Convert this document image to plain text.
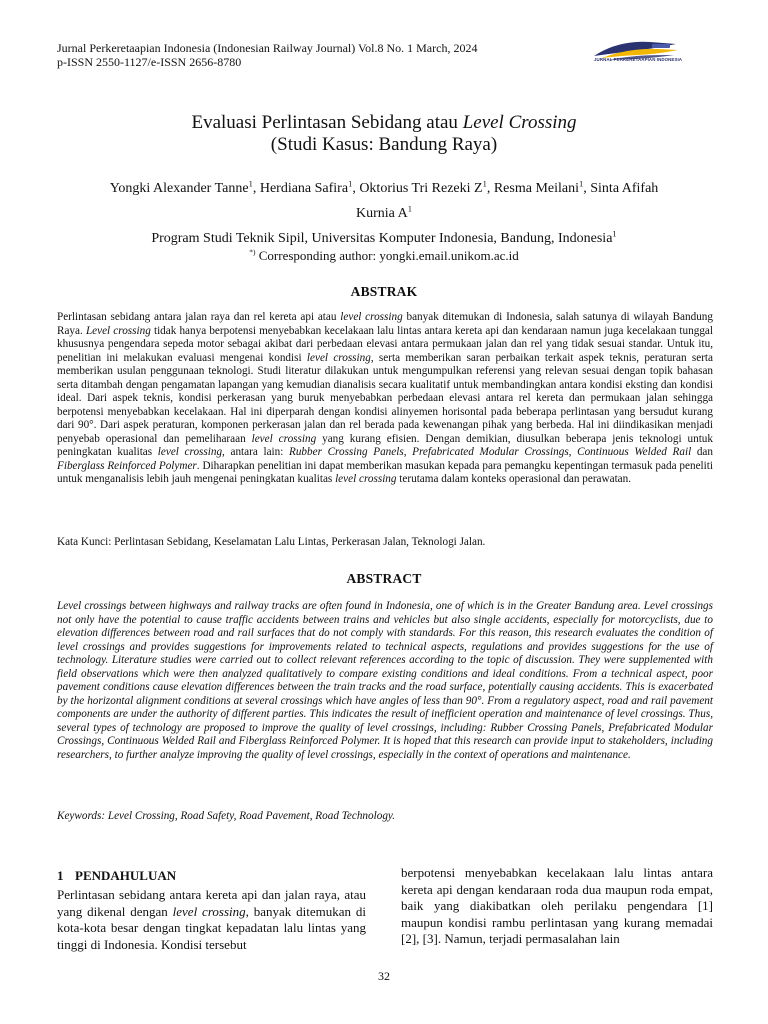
Jurnal Perkeretaapian Indonesia (Indonesian Railway Journal) Vol.8 No. 1 March, 2024
p-ISSN 2550-1127/e-ISSN 2656-8780	JURNAL PERKERETAAPIAN INDONESIA
Evaluasi Perlintasan Sebidang atau Level Crossing
(Studi Kasus: Bandung Raya)
Yongki Alexander Tanne$^1$, Herdiana Safira$^1$, Oktorius Tri Rezeki $Z^1$, Resma Meilani$^1$, Sinta Afifah
Kurnia $A^1$
Program Studi Teknik Sipil, Universitas Komputer Indonesia, Bandung, Indonesia$^1$
*) Corresponding author: yongki.email.unikom.ac.id
ABSTRAK

Perlintasan sebidang antara jalan raya dan rel kereta api atau level crossing banyak ditemukan di Indonesia, salah satunya di wilayah Bandung Raya. Level crossing tidak hanya berpotensi menyebabkan kecelakaan lalu lintas antara kereta api dan kendaraan namun juga kecelakaan tunggal khususnya pengendara sepeda motor sebagai akibat dari perbedaan elevasi antara permukaan jalan dan rel yang tidak sesuai standar. Untuk itu, penelitian ini melakukan evaluasi mengenai kondisi level crossing, serta memberikan saran perbaikan terkait aspek teknis, peraturan serta memberikan usulan penggunaan teknologi. Studi literatur dilakukan untuk mengumpulkan referensi yang relevan sesuai dengan topik bahasan serta ditambah dengan pengamatan lapangan yang kemudian dianalisis secara kualitatif untuk membandingkan antara kondisi eksting dan kondisi ideal. Dari aspek teknis, kondisi perkerasan yang buruk menyebabkan perbedaan elevasi antara rel kereta dan permukaan jalan sehingga berpotensi menyebabkan kecelakaan. Hal ini diperparah dengan kondisi alinyemen horisontal pada beberapa perlintasan yang bersudut kurang dari 90°. Dari aspek peraturan, komponen perkerasan jalan dan rel berada pada kewenangan pihak yang berbeda. Hal ini diindikasikan menjadi penyebab operasional dan pemeliharaan level crossing yang kurang efisien. Dengan demikian, diusulkan beberapa jenis teknologi untuk peningkatan kualitas level crossing, antara lain: Rubber Crossing Panels, Prefabricated Modular Crossings, Continuous Welded Rail dan Fiberglass Reinforced Polymer. Diharapkan penelitian ini dapat memberikan masukan kepada para pemangku kepentingan termasuk pada peneliti untuk menganalisis lebih jauh mengenai peningkatan kualitas level crossing terutama dalam konteks operasional dan perawatan.

Kata Kunci: Perlintasan Sebidang, Keselamatan Lalu Lintas, Perkerasan Jalan, Teknologi Jalan.
ABSTRACT

Level crossings between highways and railway tracks are often found in Indonesia, one of which is in the Greater Bandung area. Level crossings not only have the potential to cause traffic accidents between trains and vehicles but also single accidents, especially for motorcyclists, due to elevation differences between road and rail surfaces that do not comply with standards. For this reason, this research evaluates the condition of level crossings and provides suggestions for improvements related to technical aspects, regulations and provides suggestions for the use of technology. Literature studies were carried out to collect relevant references according to the topic of discussion. They were supplemented with field observations which were then analyzed qualitatively to compare existing conditions and ideal conditions. From a technical aspect, poor pavement conditions cause elevation differences between the train tracks and the road surface, potentially causing accidents. This is exacerbated by the horizontal alignment conditions at several crossings which have angles of less than 90°. From a regulatory aspect, road and rail pavement components are under the authority of different parties. This indicates the result of inefficient operation and maintenance of level crossings. Thus, several types of technology are proposed to improve the quality of level crossings, including: Rubber Crossing Panels, Prefabricated Modular Crossings, Continuous Welded Rail and Fiberglass Reinforced Polymer. It is hoped that this research can provide input to stakeholders, including researchers, to further analyze improving the quality of level crossings, especially in the context of operations and maintenance.

Keywords: Level Crossing, Road Safety, Road Pavement, Road Technology.
1 PENDAHULUAN

Perlintasan sebidang antara kereta api dan jalan raya, atau yang dikenal dengan level crossing, banyak ditemukan di kota-kota besar dengan tingkat kepadatan lalu lintas yang tinggi di Indonesia. Kondisi tersebut

berpotensi menyebabkan kecelakaan lalu lintas antara kereta api dengan kendaraan roda dua maupun roda empat, baik yang diakibatkan oleh perilaku pengendara [1] maupun kondisi rambu perlintasan yang kurang memadai [2], [3]. Namun, terjadi permasalahan lain

32
